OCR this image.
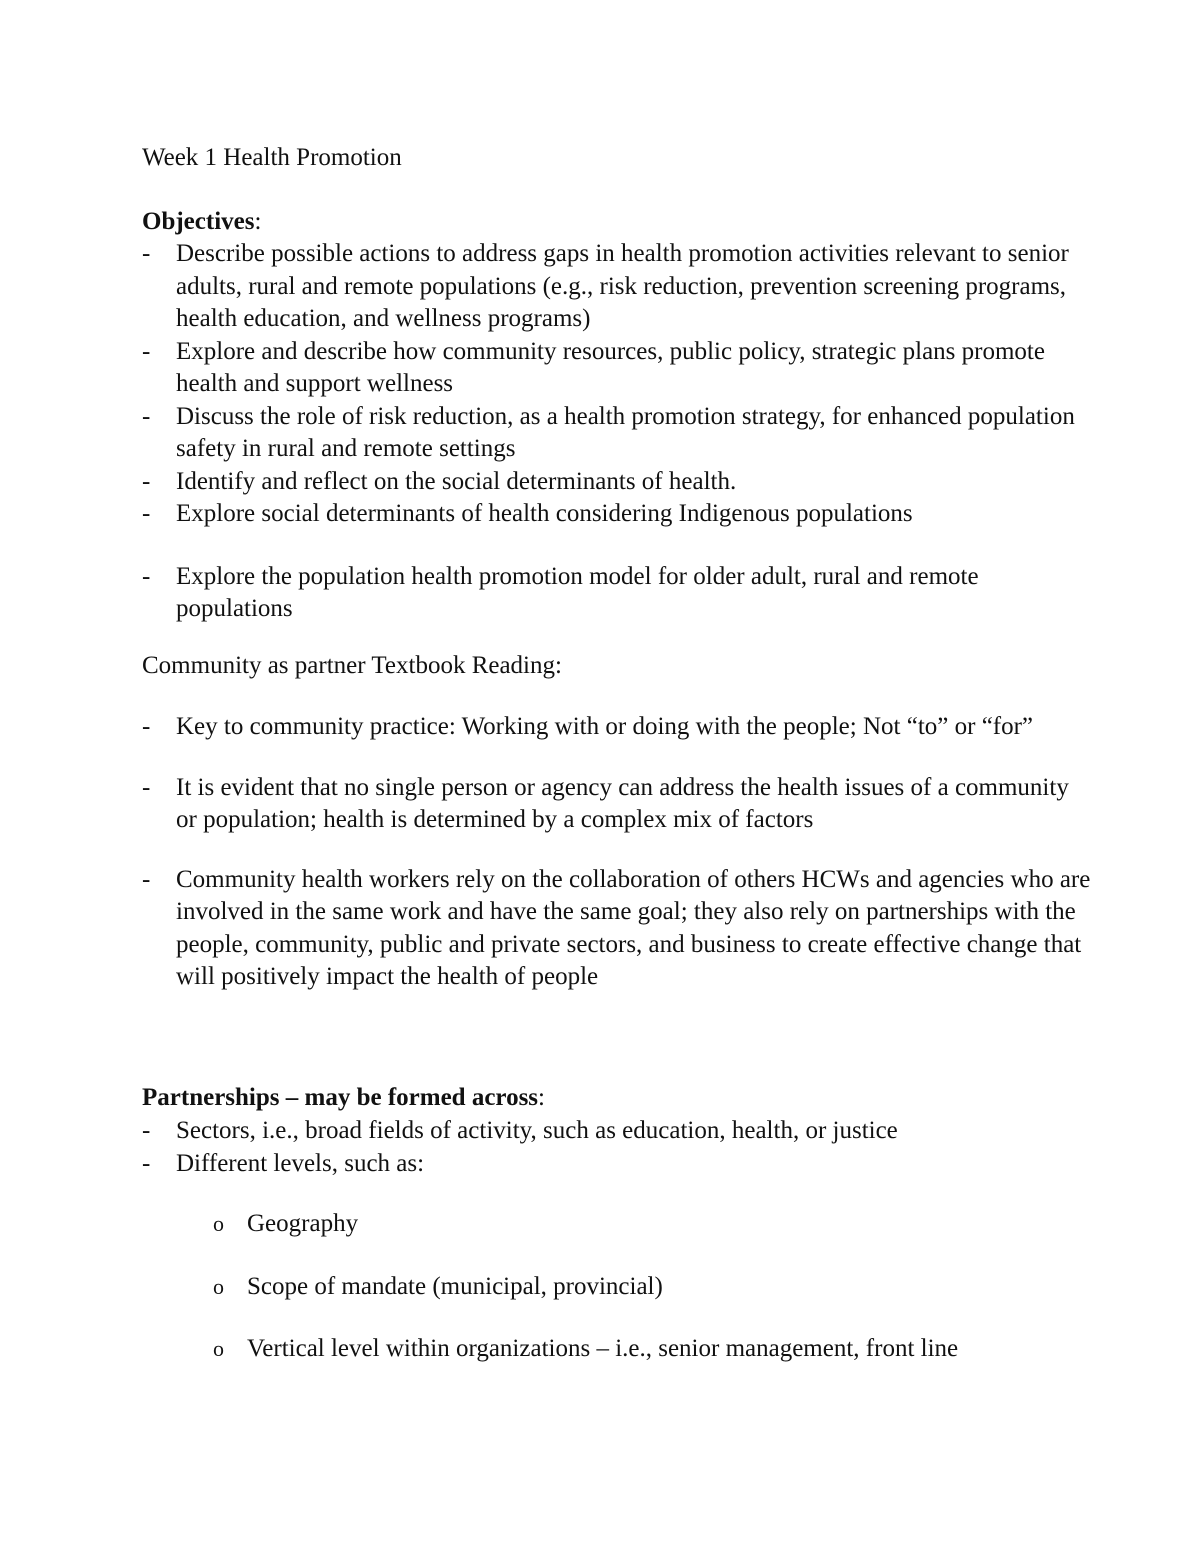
Week 1 Health Promotion
Objectives:
-	Describe possible actions to address gaps in health promotion activities relevant to senior adults, rural and remote populations (e.g., risk reduction, prevention screening programs, health education, and wellness programs)
-	Explore and describe how community resources, public policy, strategic plans promote health and support wellness
-	Discuss the role of risk reduction, as a health promotion strategy, for enhanced population safety in rural and remote settings
-	Identify and reflect on the social determinants of health.
-	Explore social determinants of health considering Indigenous populations
-	Explore the population health promotion model for older adult, rural and remote populations
Community as partner Textbook Reading:
-	Key to community practice: Working with or doing with the people; Not “to” or “for”
-	It is evident that no single person or agency can address the health issues of a community or population; health is determined by a complex mix of factors
-	Community health workers rely on the collaboration of others HCWs and agencies who are involved in the same work and have the same goal; they also rely on partnerships with the people, community, public and private sectors, and business to create effective change that will positively impact the health of people
Partnerships – may be formed across:
-	Sectors, i.e., broad fields of activity, such as education, health, or justice
-	Different levels, such as:
o Geography
o Scope of mandate (municipal, provincial)
o Vertical level within organizations – i.e., senior management, front line
